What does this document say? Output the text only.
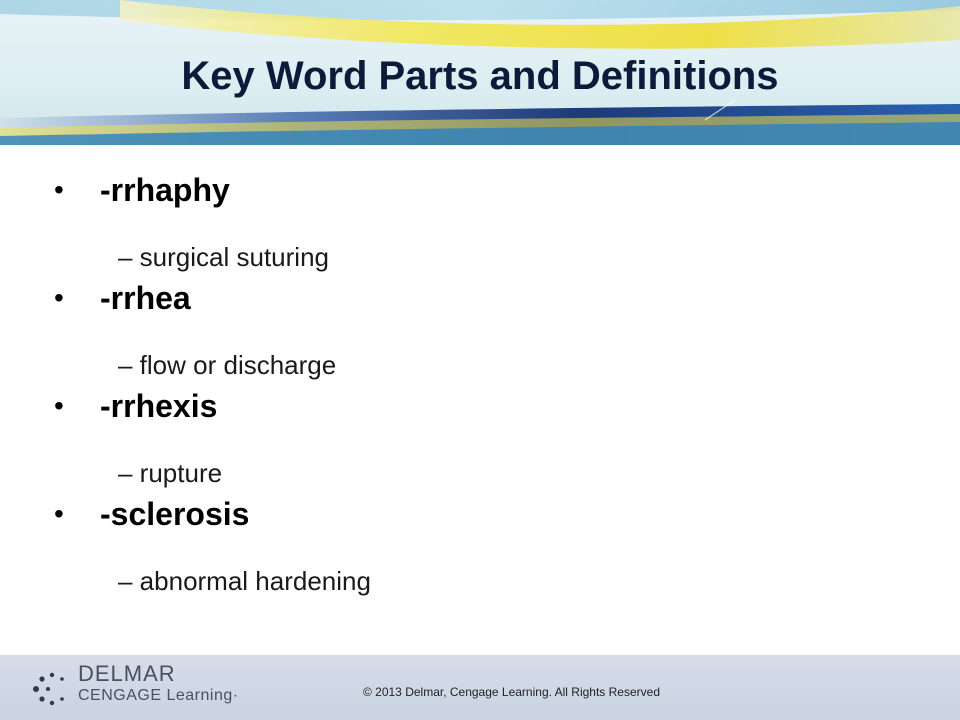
Key Word Parts and Definitions
• -rrhaphy
– surgical suturing
• -rrhea
– flow or discharge
• -rrhexis
– rupture
• -sclerosis
– abnormal hardening
DELMAR
CENGAGE Learning·	© 2013 Delmar, Cengage Learning. All Rights Reserved
